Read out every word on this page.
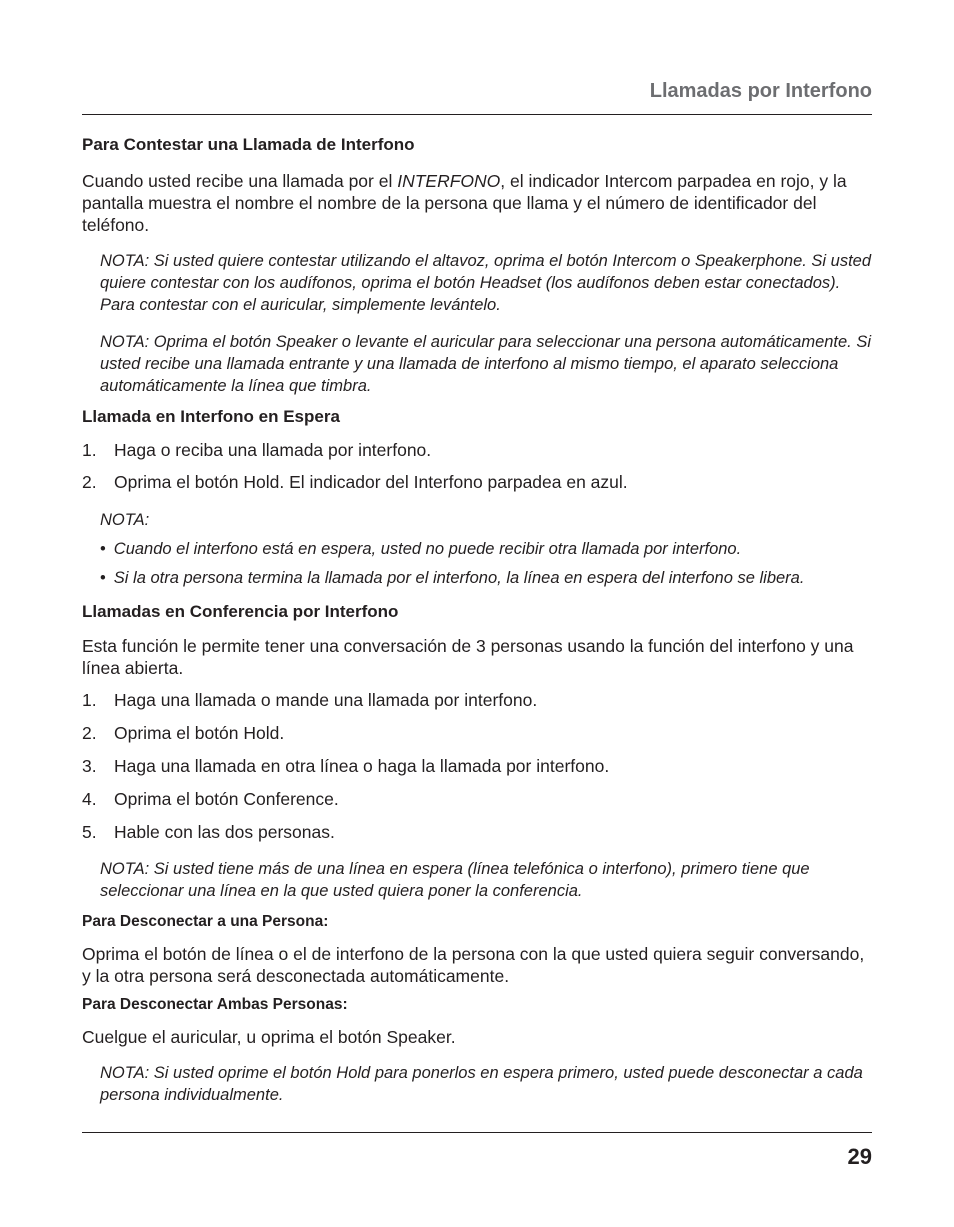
Llamadas por Interfono

Para Contestar una Llamada de Interfono

Cuando usted recibe una llamada por el INTERFONO, el indicador Intercom parpadea en rojo, y la pantalla muestra el nombre el nombre de la persona que llama y el número de identificador del teléfono.

NOTA: Si usted quiere contestar utilizando el altavoz, oprima el botón Intercom o Speakerphone. Si usted quiere contestar con los audífonos, oprima el botón Headset (los audífonos deben estar conectados). Para contestar con el auricular, simplemente levántelo.

NOTA: Oprima el botón Speaker o levante el auricular para seleccionar una persona automáticamente. Si usted recibe una llamada entrante y una llamada de interfono al mismo tiempo, el aparato selecciona automáticamente la línea que timbra.

Llamada en Interfono en Espera

1. Haga o reciba una llamada por interfono.
2. Oprima el botón Hold. El indicador del Interfono parpadea en azul.

NOTA:

• Cuando el interfono está en espera, usted no puede recibir otra llamada por interfono.

• Si la otra persona termina la llamada por el interfono, la línea en espera del interfono se libera.

Llamadas en Conferencia por Interfono

Esta función le permite tener una conversación de 3 personas usando la función del interfono y una línea abierta.

1. Haga una llamada o mande una llamada por interfono.
2. Oprima el botón Hold.
3. Haga una llamada en otra línea o haga la llamada por interfono.
4. Oprima el botón Conference.
5. Hable con las dos personas.

NOTA: Si usted tiene más de una línea en espera (línea telefónica o interfono), primero tiene que seleccionar una línea en la que usted quiera poner la conferencia.

Para Desconectar a una Persona:

Oprima el botón de línea o el de interfono de la persona con la que usted quiera seguir conversando, y la otra persona será desconectada automáticamente.

Para Desconectar Ambas Personas:

Cuelgue el auricular, u oprima el botón Speaker.

NOTA: Si usted oprime el botón Hold para ponerlos en espera primero, usted puede desconectar a cada persona individualmente.

29
